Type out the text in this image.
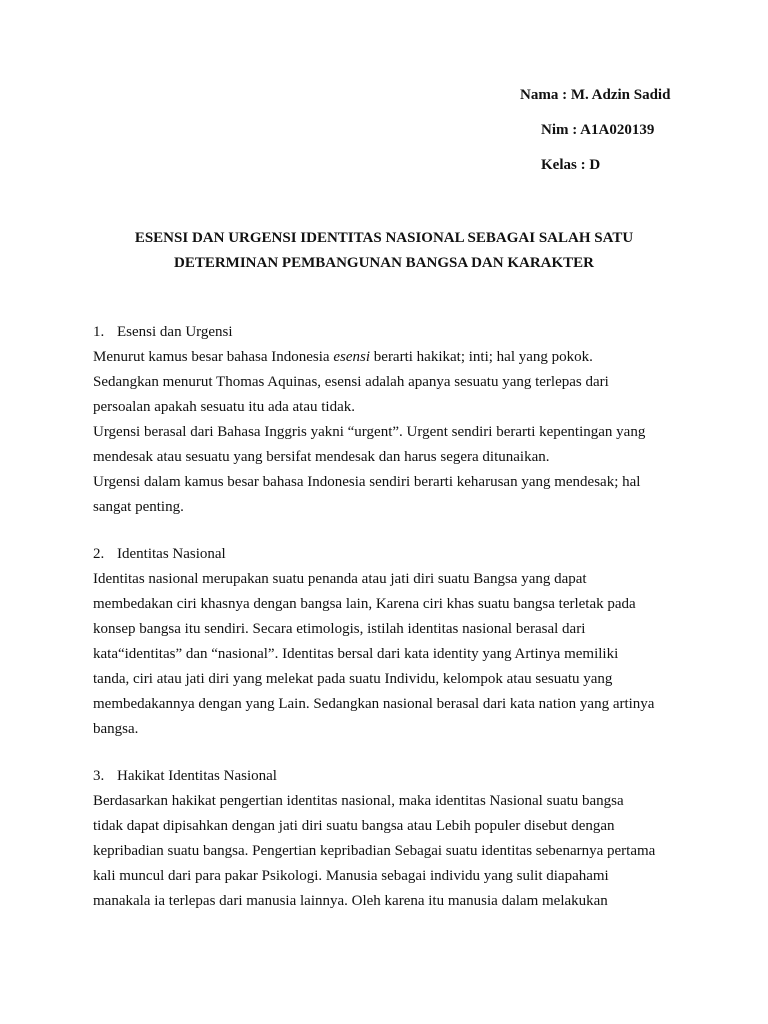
Nama : M. Adzin Sadid
Nim : A1A020139
Kelas : D
ESENSI DAN URGENSI IDENTITAS NASIONAL SEBAGAI SALAH SATU
DETERMINAN PEMBANGUNAN BANGSA DAN KARAKTER
1. Esensi dan Urgensi
Menurut kamus besar bahasa Indonesia esensi berarti hakikat; inti; hal yang pokok.
Sedangkan menurut Thomas Aquinas, esensi adalah apanya sesuatu yang terlepas dari
persoalan apakah sesuatu itu ada atau tidak.
Urgensi berasal dari Bahasa Inggris yakni “urgent”. Urgent sendiri berarti kepentingan yang
mendesak atau sesuatu yang bersifat mendesak dan harus segera ditunaikan.
Urgensi dalam kamus besar bahasa Indonesia sendiri berarti keharusan yang mendesak; hal
sangat penting.
2. Identitas Nasional
Identitas nasional merupakan suatu penanda atau jati diri suatu Bangsa yang dapat
membedakan ciri khasnya dengan bangsa lain, Karena ciri khas suatu bangsa terletak pada
konsep bangsa itu sendiri. Secara etimologis, istilah identitas nasional berasal dari
kata“identitas” dan “nasional”. Identitas bersal dari kata identity yang Artinya memiliki
tanda, ciri atau jati diri yang melekat pada suatu Individu, kelompok atau sesuatu yang
membedakannya dengan yang Lain. Sedangkan nasional berasal dari kata nation yang artinya
bangsa.
3. Hakikat Identitas Nasional
Berdasarkan hakikat pengertian identitas nasional, maka identitas Nasional suatu bangsa
tidak dapat dipisahkan dengan jati diri suatu bangsa atau Lebih populer disebut dengan
kepribadian suatu bangsa. Pengertian kepribadian Sebagai suatu identitas sebenarnya pertama
kali muncul dari para pakar Psikologi. Manusia sebagai individu yang sulit diapahami
manakala ia terlepas dari manusia lainnya. Oleh karena itu manusia dalam melakukan
